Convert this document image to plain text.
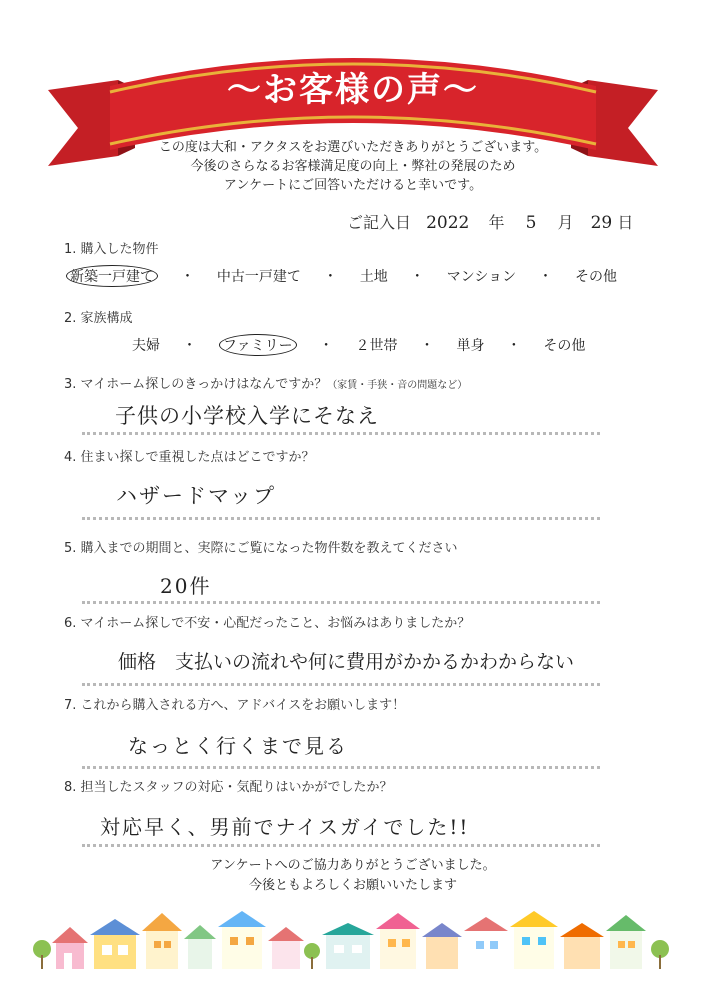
～お客様の声～
この度は大和・アクタスをお選びいただきありがとうございます。
今後のさらなるお客様満足度の向上・弊社の発展のため
アンケートにご回答いただけると幸いです。
ご記入日 2022 年 5 月 29 日
1. 購入した物件
新築一戸建て ・ 中古一戸建て ・ 土地 ・ マンション ・ その他
2. 家族構成
夫婦 ・ ファミリー ・ ２世帯 ・ 単身 ・ その他
3. マイホーム探しのきっかけはなんですか？（家賃・手狭・音の問題など）
子供の小学校入学にそなえ
4. 住まい探しで重視した点はどこですか？
ハザードマップ
5. 購入までの期間と、実際にご覧になった物件数を教えてください
20件
6. マイホーム探しで不安・心配だったこと、お悩みはありましたか？
価格　支払いの流れや何に費用がかかるかわからない
7. これから購入される方へ、アドバイスをお願いします！
なっとく行くまで見る
8. 担当したスタッフの対応・気配りはいかがでしたか？
対応早く、男前でナイスガイでした!!
アンケートへのご協力ありがとうございました。
今後ともよろしくお願いいたします
